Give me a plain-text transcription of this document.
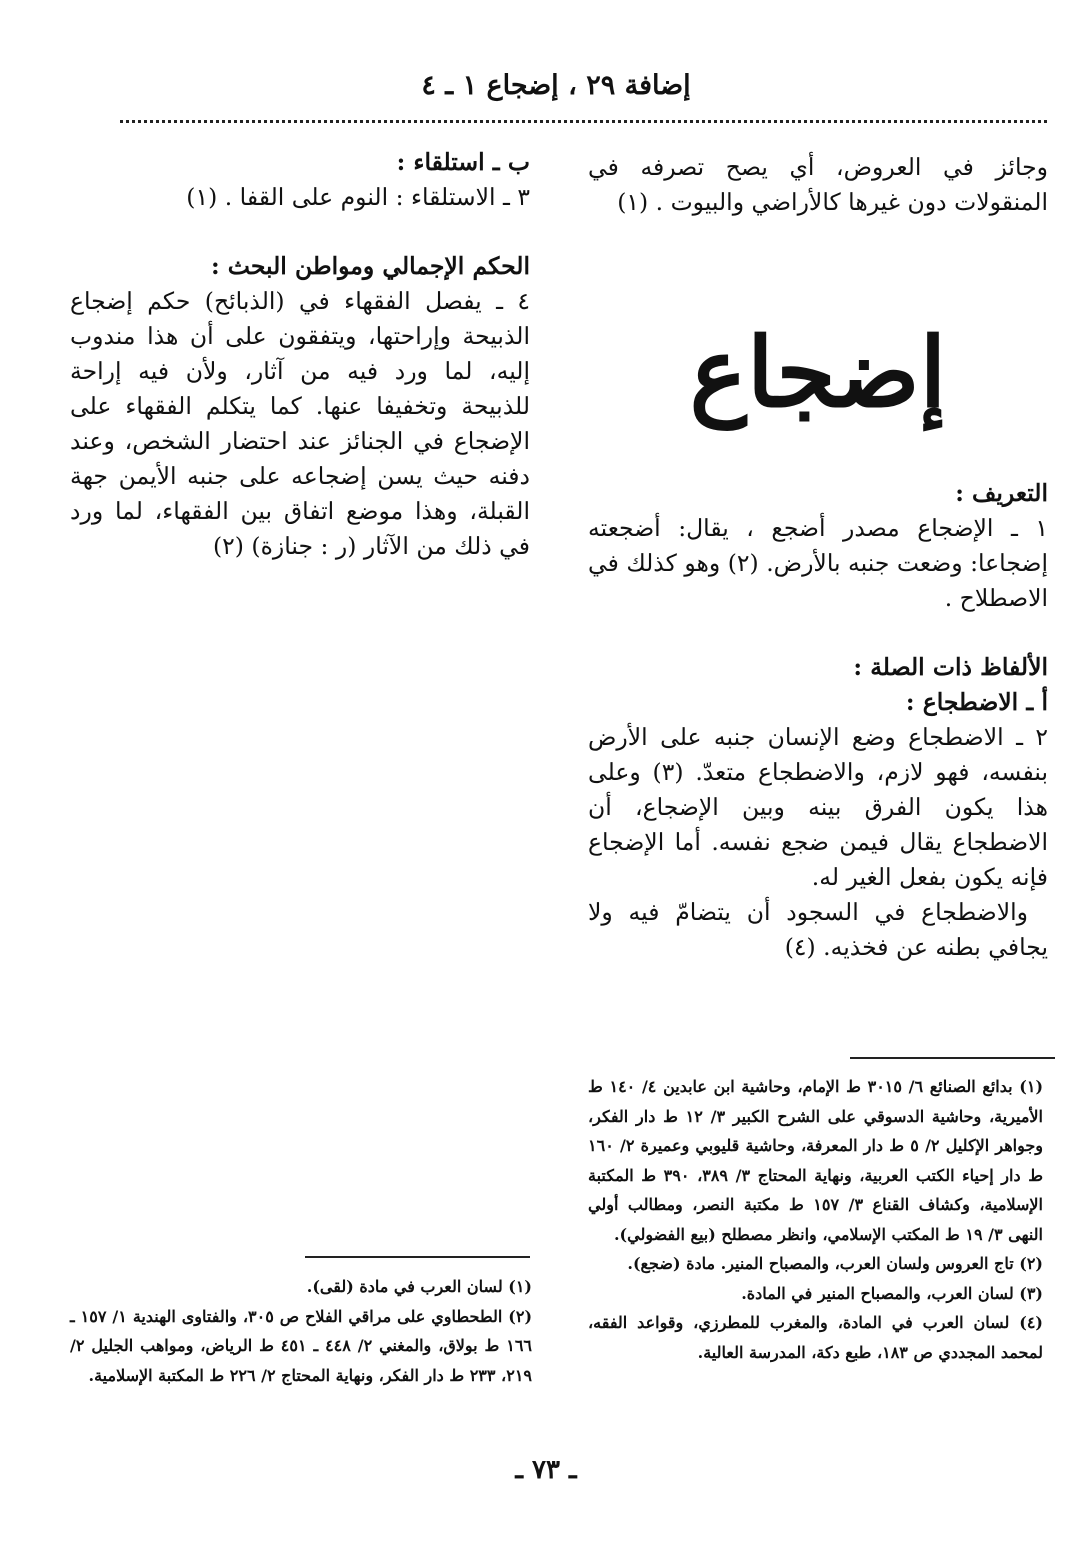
إضافة ٢٩ ، إضجاع ١ ـ ٤

وجائز في العروض، أي يصح تصرفه في المنقولات دون غيرها كالأراضي والبيوت . (١)

إضجاع

التعريف :

١ ـ الإضجاع مصدر أضجع ، يقال: أضجعته إضجاعا: وضعت جنبه بالأرض. (٢) وهو كذلك في الاصطلاح .

الألفاظ ذات الصلة :

أ ـ الاضطجاع :

٢ ـ الاضطجاع وضع الإنسان جنبه على الأرض بنفسه، فهو لازم، والاضطجاع متعدّ. (٣) وعلى هذا يكون الفرق بينه وبين الإضجاع، أن الاضطجاع يقال فيمن ضجع نفسه. أما الإضجاع فإنه يكون بفعل الغير له.

والاضطجاع في السجود أن يتضامّ فيه ولا يجافي بطنه عن فخذيه. (٤)

ب ـ استلقاء :

٣ ـ الاستلقاء : النوم على القفا . (١)

الحكم الإجمالي ومواطن البحث :

٤ ـ يفصل الفقهاء في (الذبائح) حكم إضجاع الذبيحة وإراحتها، ويتفقون على أن هذا مندوب إليه، لما ورد فيه من آثار، ولأن فيه إراحة للذبيحة وتخفيفا عنها. كما يتكلم الفقهاء على الإضجاع في الجنائز عند احتضار الشخص، وعند دفنه حيث يسن إضجاعه على جنبه الأيمن جهة القبلة، وهذا موضع اتفاق بين الفقهاء، لما ورد في ذلك من الآثار (ر : جنازة) (٢)

(١) بدائع الصنائع ٦/ ٣٠١٥ ط الإمام، وحاشية ابن عابدين ٤/ ١٤٠ ط الأميرية، وحاشية الدسوقي على الشرح الكبير ٣/ ١٢ ط دار الفكر، وجواهر الإكليل ٢/ ٥ ط دار المعرفة، وحاشية قليوبي وعميرة ٢/ ١٦٠ ط دار إحياء الكتب العربية، ونهاية المحتاج ٣/ ٣٨٩، ٣٩٠ ط المكتبة الإسلامية، وكشاف القناع ٣/ ١٥٧ ط مكتبة النصر، ومطالب أولي النهى ٣/ ١٩ ط المكتب الإسلامي، وانظر مصطلح (بيع الفضولي).

(٢) تاج العروس ولسان العرب، والمصباح المنير. مادة (ضجع).

(٣) لسان العرب، والمصباح المنير في المادة.

(٤) لسان العرب في المادة، والمغرب للمطرزي، وقواعد الفقه، لمحمد المجددي ص ١٨٣، طبع دكة، المدرسة العالية.

(١) لسان العرب في مادة (لقى).

(٢) الطحطاوي على مراقي الفلاح ص ٣٠٥، والفتاوى الهندية ١/ ١٥٧ ـ ١٦٦ ط بولاق، والمغني ٢/ ٤٤٨ ـ ٤٥١ ط الرياض، ومواهب الجليل ٢/ ٢١٩، ٢٣٣ ط دار الفكر، ونهاية المحتاج ٢/ ٢٢٦ ط المكتبة الإسلامية.

ـ ٧٣ ـ
